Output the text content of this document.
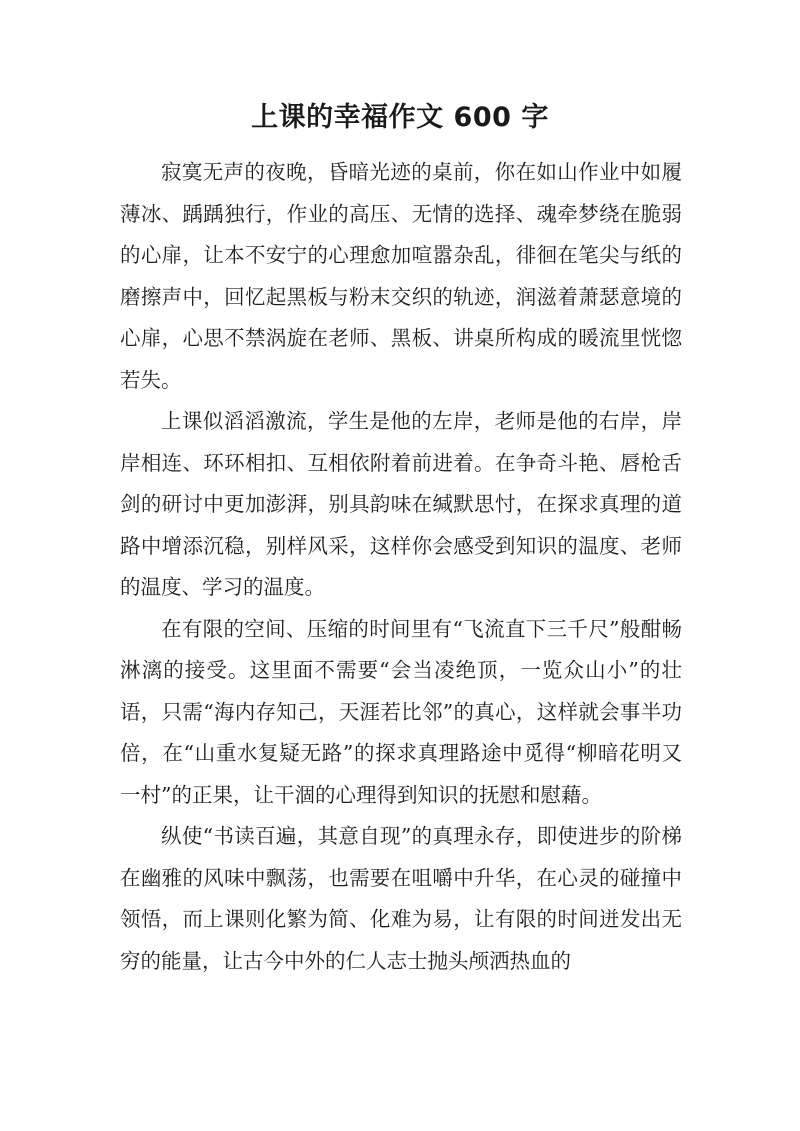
上课的幸福作文 600 字

寂寞无声的夜晚，昏暗光迹的桌前，你在如山作业中如履薄冰、踽踽独行，作业的高压、无情的选择、魂牵梦绕在脆弱的心扉，让本不安宁的心理愈加喧嚣杂乱，徘徊在笔尖与纸的磨擦声中，回忆起黑板与粉末交织的轨迹，润滋着萧瑟意境的心扉，心思不禁涡旋在老师、黑板、讲桌所构成的暖流里恍惚若失。

上课似滔滔激流，学生是他的左岸，老师是他的右岸，岸岸相连、环环相扣、互相依附着前进着。在争奇斗艳、唇枪舌剑的研讨中更加澎湃，别具韵味在缄默思忖，在探求真理的道路中增添沉稳，别样风采，这样你会感受到知识的温度、老师的温度、学习的温度。

在有限的空间、压缩的时间里有“飞流直下三千尺”般酣畅淋漓的接受。这里面不需要“会当凌绝顶，一览众山小”的壮语，只需“海内存知己，天涯若比邻”的真心，这样就会事半功倍，在“山重水复疑无路”的探求真理路途中觅得“柳暗花明又一村”的正果，让干涸的心理得到知识的抚慰和慰藉。

纵使“书读百遍，其意自现”的真理永存，即使进步的阶梯在幽雅的风味中飘荡，也需要在咀嚼中升华，在心灵的碰撞中领悟，而上课则化繁为简、化难为易，让有限的时间迸发出无穷的能量，让古今中外的仁人志士抛头颅洒热血的
